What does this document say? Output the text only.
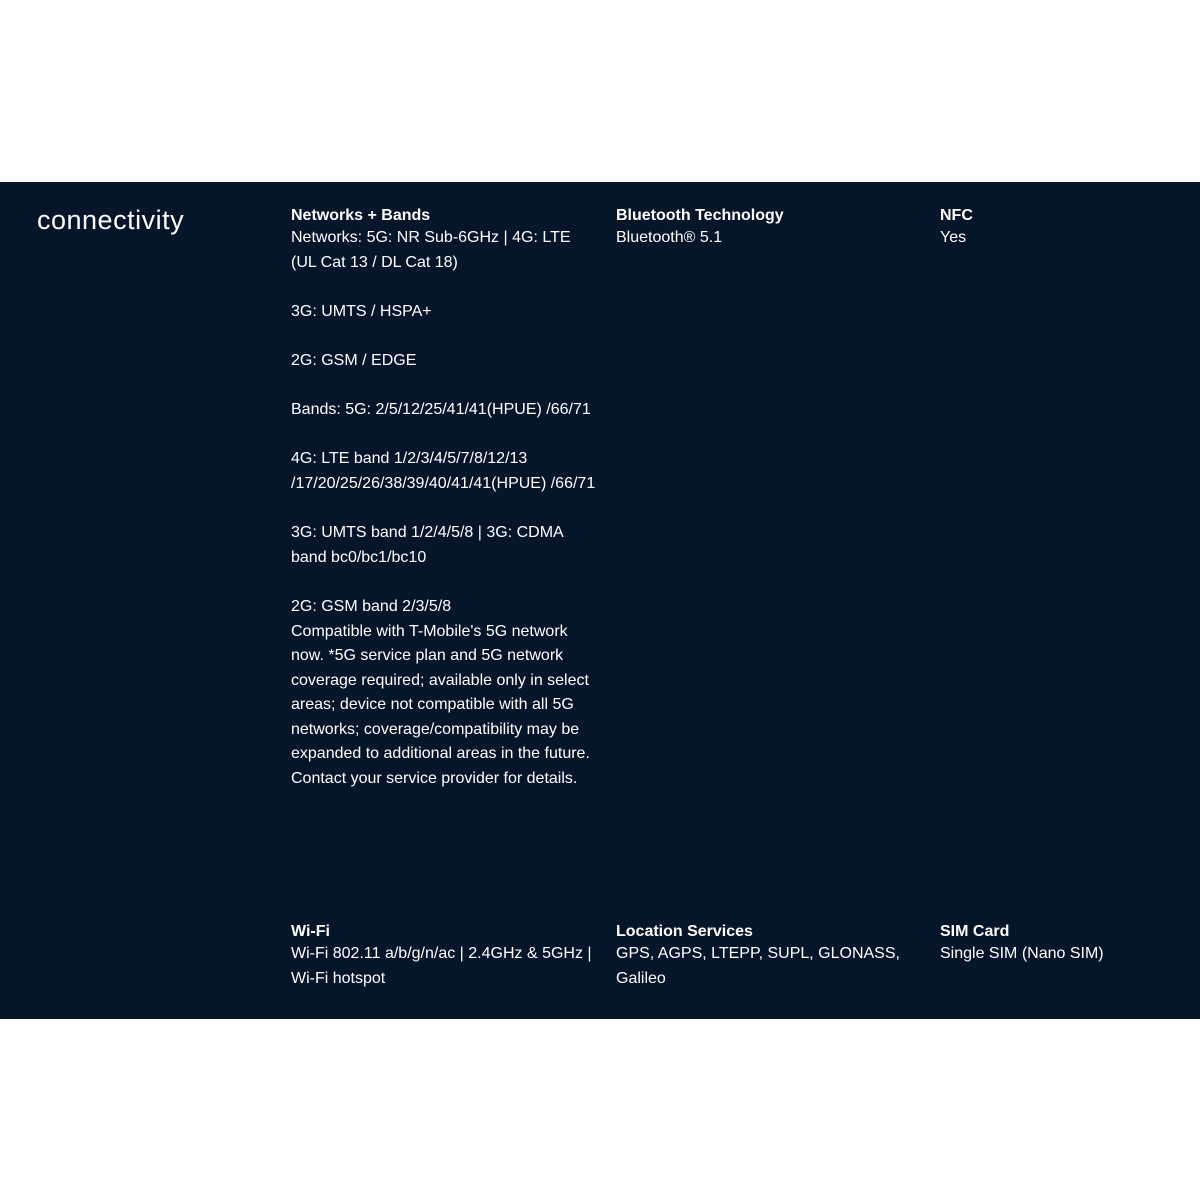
connectivity	Networks + Bands

Networks: 5G: NR Sub-6GHz | 4G: LTE (UL Cat 13 / DL Cat 18)
3G: UMTS / HSPA+
2G: GSM / EDGE
Bands: 5G: 2/5/12/25/41/41(HPUE) /66/71
4G: LTE band 1/2/3/4/5/7/8/12/13 /17/20/25/26/38/39/40/41/41(HPUE) /66/71
3G: UMTS band 1/2/4/5/8 | 3G: CDMA band bc0/bc1/bc10
2G: GSM band 2/3/5/8

Compatible with T-Mobile's 5G network now. *5G service plan and 5G network coverage required; available only in select areas; device not compatible with all 5G networks; coverage/compatibility may be expanded to additional areas in the future. Contact your service provider for details.

Bluetooth Technology

Bluetooth® 5.1

NFC

Yes

Wi-Fi

Wi-Fi 802.11 a/b/g/n/ac | 2.4GHz & 5GHz | Wi-Fi hotspot

Location Services

GPS, AGPS, LTEPP, SUPL, GLONASS, Galileo

SIM Card

Single SIM (Nano SIM)
